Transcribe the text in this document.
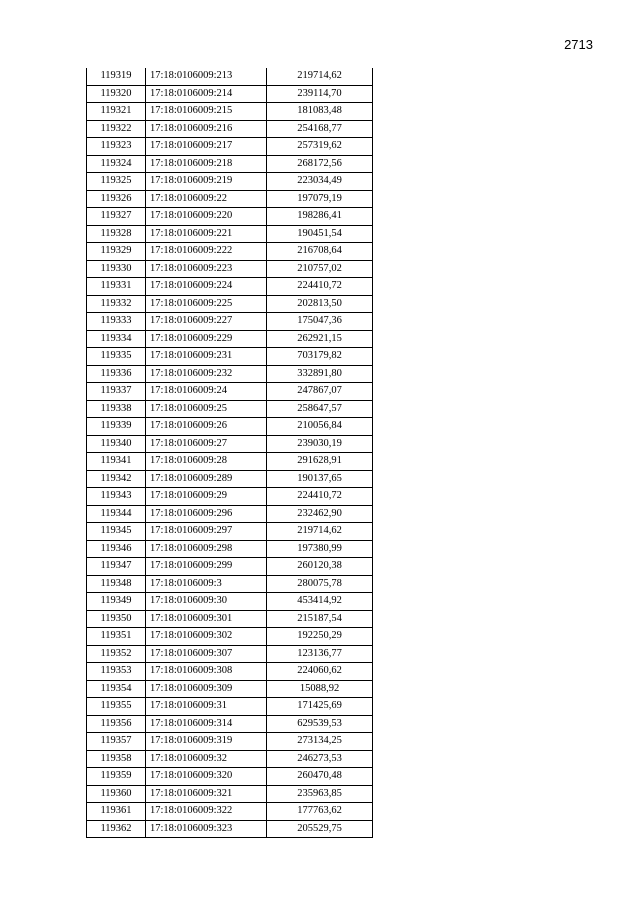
2713
119319	17:18:0106009:213	219714,62
119320	17:18:0106009:214	239114,70
119321	17:18:0106009:215	181083,48
119322	17:18:0106009:216	254168,77
119323	17:18:0106009:217	257319,62
119324	17:18:0106009:218	268172,56
119325	17:18:0106009:219	223034,49
119326	17:18:0106009:22	197079,19
119327	17:18:0106009:220	198286,41
119328	17:18:0106009:221	190451,54
119329	17:18:0106009:222	216708,64
119330	17:18:0106009:223	210757,02
119331	17:18:0106009:224	224410,72
119332	17:18:0106009:225	202813,50
119333	17:18:0106009:227	175047,36
119334	17:18:0106009:229	262921,15
119335	17:18:0106009:231	703179,82
119336	17:18:0106009:232	332891,80
119337	17:18:0106009:24	247867,07
119338	17:18:0106009:25	258647,57
119339	17:18:0106009:26	210056,84
119340	17:18:0106009:27	239030,19
119341	17:18:0106009:28	291628,91
119342	17:18:0106009:289	190137,65
119343	17:18:0106009:29	224410,72
119344	17:18:0106009:296	232462,90
119345	17:18:0106009:297	219714,62
119346	17:18:0106009:298	197380,99
119347	17:18:0106009:299	260120,38
119348	17:18:0106009:3	280075,78
119349	17:18:0106009:30	453414,92
119350	17:18:0106009:301	215187,54
119351	17:18:0106009:302	192250,29
119352	17:18:0106009:307	123136,77
119353	17:18:0106009:308	224060,62
119354	17:18:0106009:309	15088,92
119355	17:18:0106009:31	171425,69
119356	17:18:0106009:314	629539,53
119357	17:18:0106009:319	273134,25
119358	17:18:0106009:32	246273,53
119359	17:18:0106009:320	260470,48
119360	17:18:0106009:321	235963,85
119361	17:18:0106009:322	177763,62
119362	17:18:0106009:323	205529,75
